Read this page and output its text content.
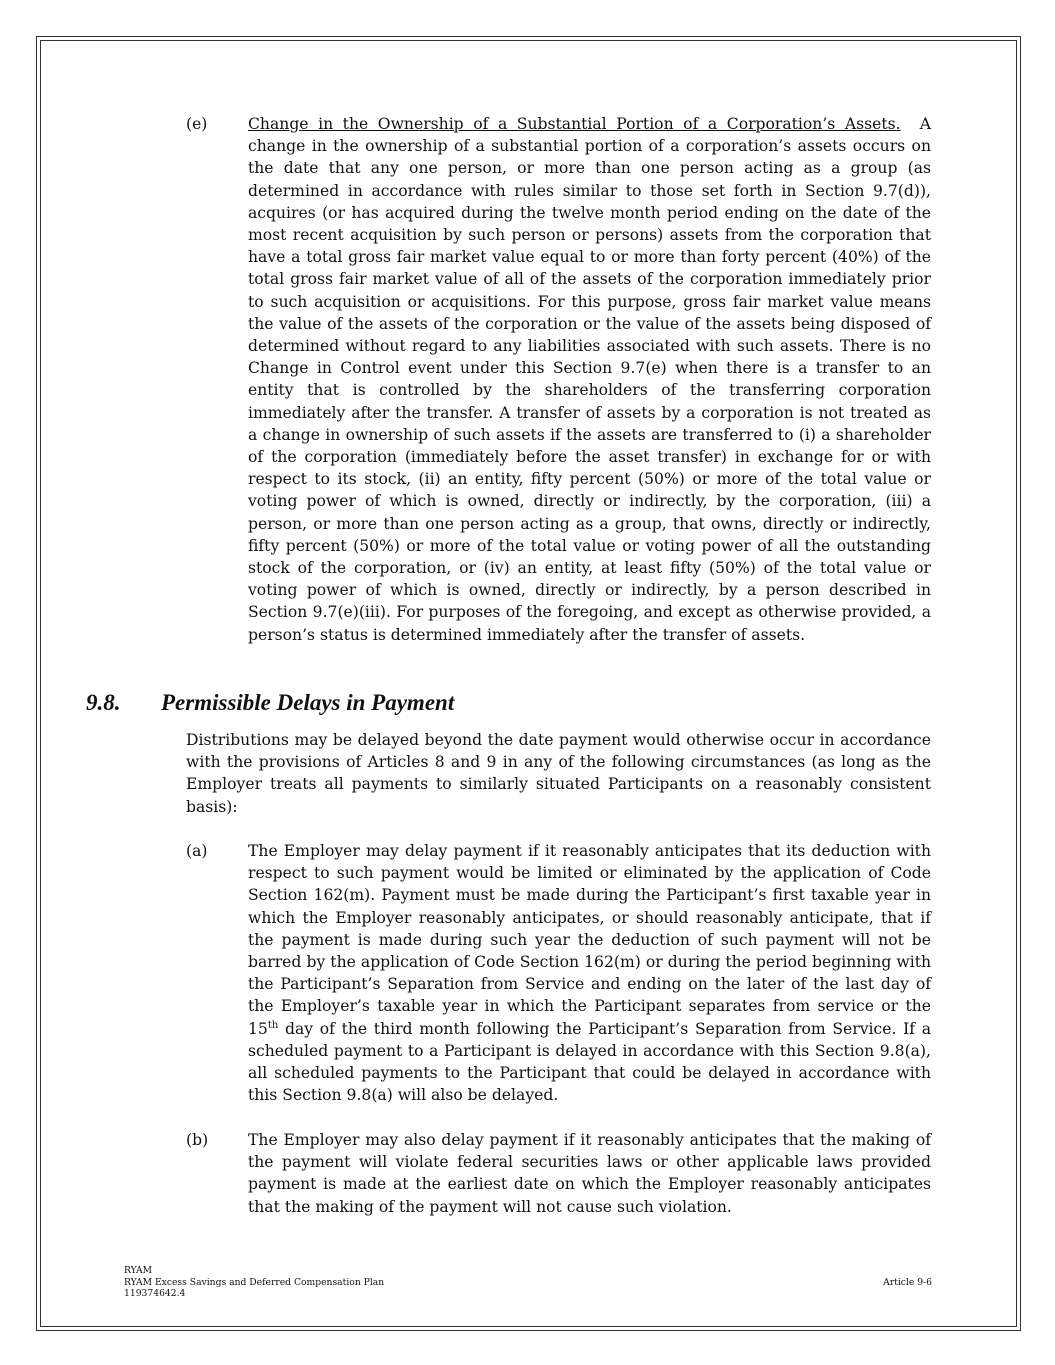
(e)	Change in the Ownership of a Substantial Portion of a Corporation’s Assets. A change in the ownership of a substantial portion of a corporation’s assets occurs on the date that any one person, or more than one person acting as a group (as determined in accordance with rules similar to those set forth in Section 9.7(d)), acquires (or has acquired during the twelve month period ending on the date of the most recent acquisition by such person or persons) assets from the corporation that have a total gross fair market value equal to or more than forty percent (40%) of the total gross fair market value of all of the assets of the corporation immediately prior to such acquisition or acquisitions. For this purpose, gross fair market value means the value of the assets of the corporation or the value of the assets being disposed of determined without regard to any liabilities associated with such assets. There is no Change in Control event under this Section 9.7(e) when there is a transfer to an entity that is controlled by the shareholders of the transferring corporation immediately after the transfer. A transfer of assets by a corporation is not treated as a change in ownership of such assets if the assets are transferred to (i) a shareholder of the corporation (immediately before the asset transfer) in exchange for or with respect to its stock, (ii) an entity, fifty percent (50%) or more of the total value or voting power of which is owned, directly or indirectly, by the corporation, (iii) a person, or more than one person acting as a group, that owns, directly or indirectly, fifty percent (50%) or more of the total value or voting power of all the outstanding stock of the corporation, or (iv) an entity, at least fifty (50%) of the total value or voting power of which is owned, directly or indirectly, by a person described in Section 9.7(e)(iii). For purposes of the foregoing, and except as otherwise provided, a person’s status is determined immediately after the transfer of assets.
9.8. Permissible Delays in Payment
Distributions may be delayed beyond the date payment would otherwise occur in accordance with the provisions of Articles 8 and 9 in any of the following circumstances (as long as the Employer treats all payments to similarly situated Participants on a reasonably consistent basis):
(a)	The Employer may delay payment if it reasonably anticipates that its deduction with respect to such payment would be limited or eliminated by the application of Code Section 162(m). Payment must be made during the Participant’s first taxable year in which the Employer reasonably anticipates, or should reasonably anticipate, that if the payment is made during such year the deduction of such payment will not be barred by the application of Code Section 162(m) or during the period beginning with the Participant’s Separation from Service and ending on the later of the last day of the Employer’s taxable year in which the Participant separates from service or the 15th day of the third month following the Participant’s Separation from Service. If a scheduled payment to a Participant is delayed in accordance with this Section 9.8(a), all scheduled payments to the Participant that could be delayed in accordance with this Section 9.8(a) will also be delayed.
(b)	The Employer may also delay payment if it reasonably anticipates that the making of the payment will violate federal securities laws or other applicable laws provided payment is made at the earliest date on which the Employer reasonably anticipates that the making of the payment will not cause such violation.
RYAM
RYAM Excess Savings and Deferred Compensation Plan
119374642.4
Article 9-6
